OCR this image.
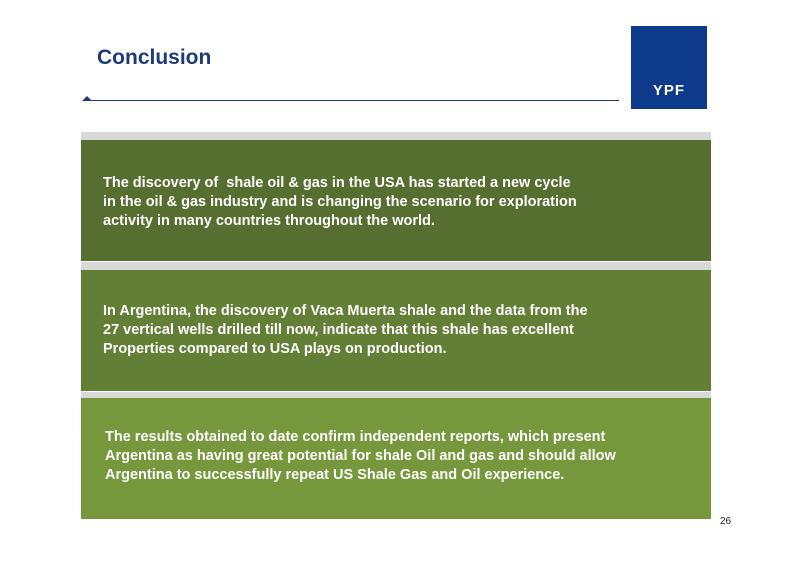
Conclusion
YPF
The discovery of  shale oil & gas in the USA has started a new cycle
in the oil & gas industry and is changing the scenario for exploration
activity in many countries throughout the world.
In Argentina, the discovery of Vaca Muerta shale and the data from the
27 vertical wells drilled till now, indicate that this shale has excellent
Properties compared to USA plays on production.
The results obtained to date confirm independent reports, which present
Argentina as having great potential for shale Oil and gas and should allow
Argentina to successfully repeat US Shale Gas and Oil experience.
26
